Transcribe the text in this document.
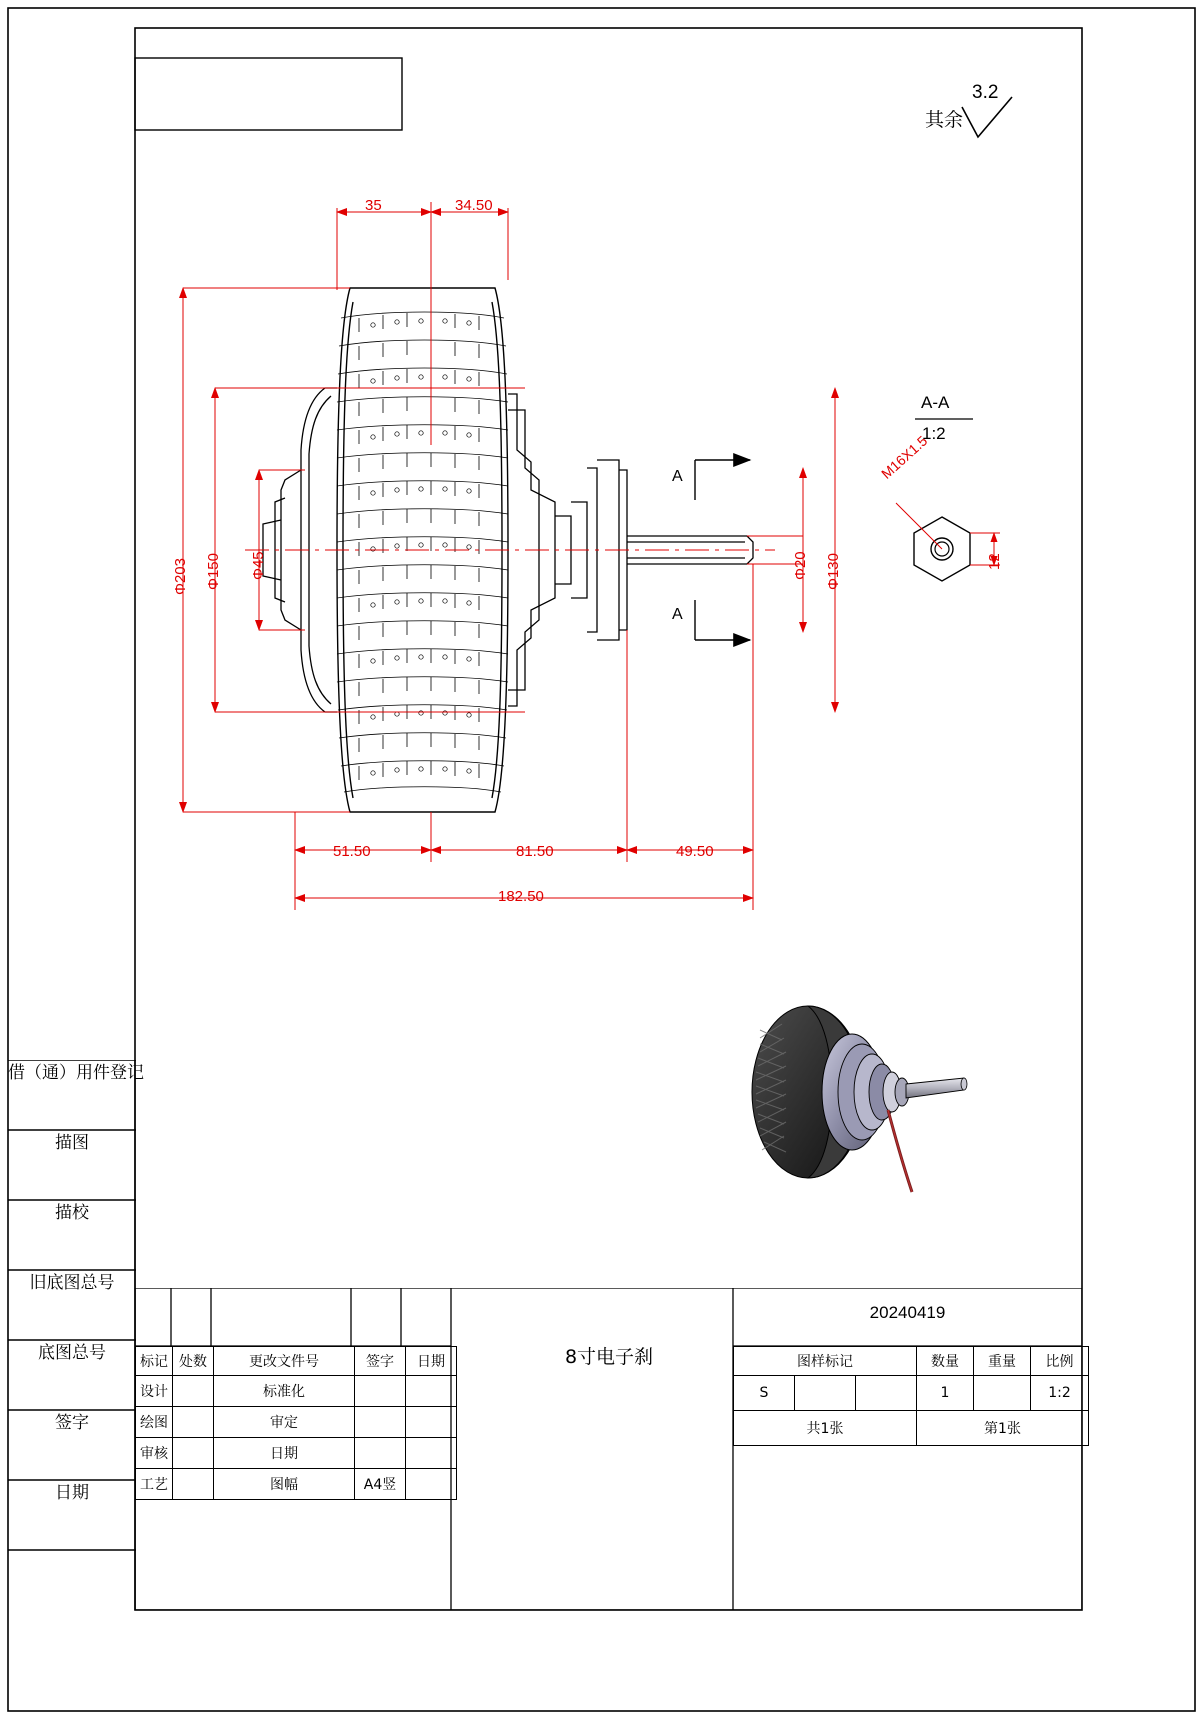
其余
3.2
35	34.50
Φ203 Φ150 Φ45	Φ20 Φ130
51.50	81.50	49.50
182.50
A
A
A-A
1:2
M16X1.5
12
借（通）用件登记
描图
描校
旧底图总号
底图总号
签字
日期
标记	处数	更改文件号	签字	日期
设计		标准化		
绘图		审定		
审核		日期		
工艺		图幅	A4竖	
8寸电子刹
20240419
图样标记			数量	重量	比例
S			1		1:2
共1张			第1张		
